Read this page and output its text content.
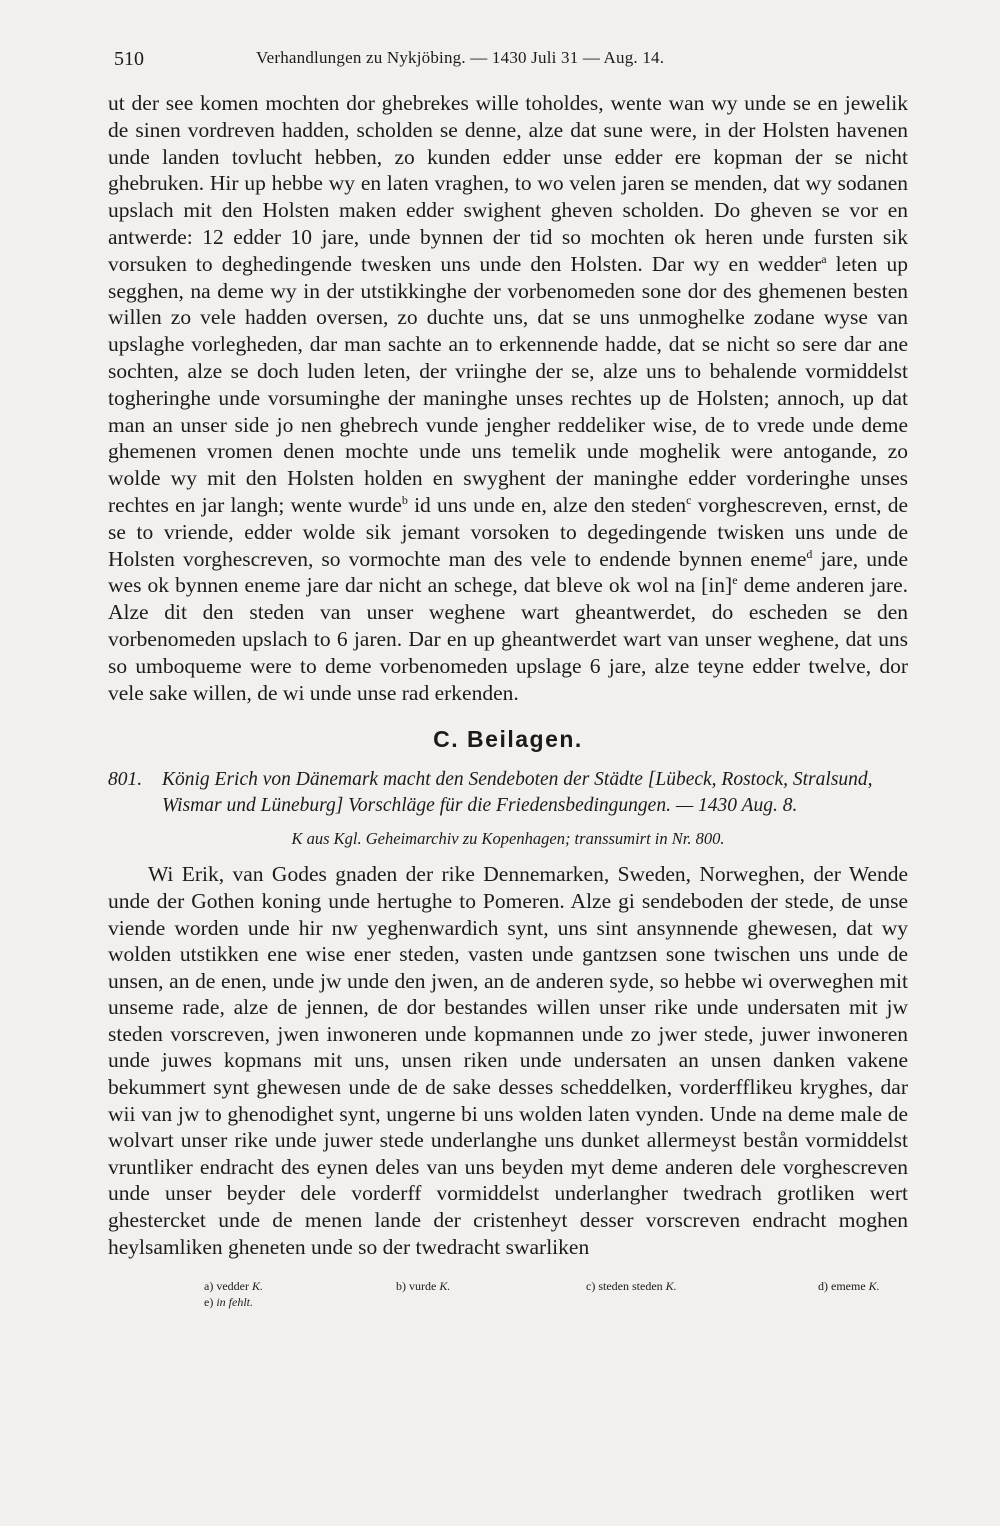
510	Verhandlungen zu Nykjöbing. — 1430 Juli 31 — Aug. 14.

ut der see komen mochten dor ghebrekes wille toholdes, wente wan wy unde se en jewelik de sinen vordreven hadden, scholden se denne, alze dat sune were, in der Holsten havenen unde landen tovlucht hebben, zo kunden edder unse edder ere kopman der se nicht ghebruken. Hir up hebbe wy en laten vraghen, to wo velen jaren se menden, dat wy sodanen upslach mit den Holsten maken edder swighent gheven scholden. Do gheven se vor en antwerde: 12 edder 10 jare, unde bynnen der tid so mochten ok heren unde fursten sik vorsuken to deghedingende twesken uns unde den Holsten. Dar wy en wedder$^a$ leten up segghen, na deme wy in der utstikkinghe der vorbenomeden sone dor des ghemenen besten willen zo vele hadden oversen, zo duchte uns, dat se uns unmoghelke zodane wyse van upslaghe vorlegheden, dar man sachte an to erkennende hadde, dat se nicht so sere dar ane sochten, alze se doch luden leten, der vriinghe der se, alze uns to behalende vormiddelst togheringhe unde vorsuminghe der maninghe unses rechtes up de Holsten; annoch, up dat man an unser side jo nen ghebrech vunde jengher reddeliker wise, de to vrede unde deme ghemenen vromen denen mochte unde uns temelik unde moghelik were antogande, zo wolde wy mit den Holsten holden en swyghent der maninghe edder vorderinghe unses rechtes en jar langh; wente wurde$^b$ id uns unde en, alze den steden$^c$ vorghescreven, ernst, de se to vriende, edder wolde sik jemant vorsoken to degedingende twisken uns unde de Holsten vorghescreven, so vormochte man des vele to endende bynnen eneme$^d$ jare, unde wes ok bynnen eneme jare dar nicht an schege, dat bleve ok wol na [in]$^e$ deme anderen jare. Alze dit den steden van unser weghene wart gheantwerdet, do escheden se den vorbenomeden upslach to 6 jaren. Dar en up gheantwerdet wart van unser weghene, dat uns so umboqueme were to deme vorbenomeden upslage 6 jare, alze teyne edder twelve, dor vele sake willen, de wi unde unse rad erkenden.

C. Beilagen.
801. König Erich von Dänemark macht den Sendeboten der Städte [Lübeck, Rostock, Stralsund, Wismar und Lüneburg] Vorschläge für die Friedensbedingungen. — 1430 Aug. 8.
K aus Kgl. Geheimarchiv zu Kopenhagen; transsumirt in Nr. 800.

Wi Erik, van Godes gnaden der rike Dennemarken, Sweden, Norweghen, der Wende unde der Gothen koning unde hertughe to Pomeren. Alze gi sendeboden der stede, de unse viende worden unde hir nw yeghenwardich synt, uns sint ansynnende ghewesen, dat wy wolden utstikken ene wise ener steden, vasten unde gantzsen sone twischen uns unde de unsen, an de enen, unde jw unde den jwen, an de anderen syde, so hebbe wi overweghen mit unseme rade, alze de jennen, de dor bestandes willen unser rike unde undersaten mit jw steden vorscreven, jwen inwoneren unde kopmannen unde zo jwer stede, juwer inwoneren unde juwes kopmans mit uns, unsen riken unde undersaten an unsen danken vakene bekummert synt ghewesen unde de de sake desses scheddelken, vorderfflikeu kryghes, dar wii van jw to ghenodighet synt, ungerne bi uns wolden laten vynden. Unde na deme male de wolvart unser rike unde juwer stede underlanghe uns dunket allermeyst bestån vormiddelst vruntliker endracht des eynen deles van uns beyden myt deme anderen dele vorghescreven unde unser beyder dele vorderff vormiddelst underlangher twedrach grotliken wert ghestercket unde de menen lande der cristenheyt desser vorscreven endracht moghen heylsamliken gheneten unde so der twedracht swarliken

a) vedder K.	b) vurde K.	c) steden steden K.	d) ememe K.
e) in fehlt.
